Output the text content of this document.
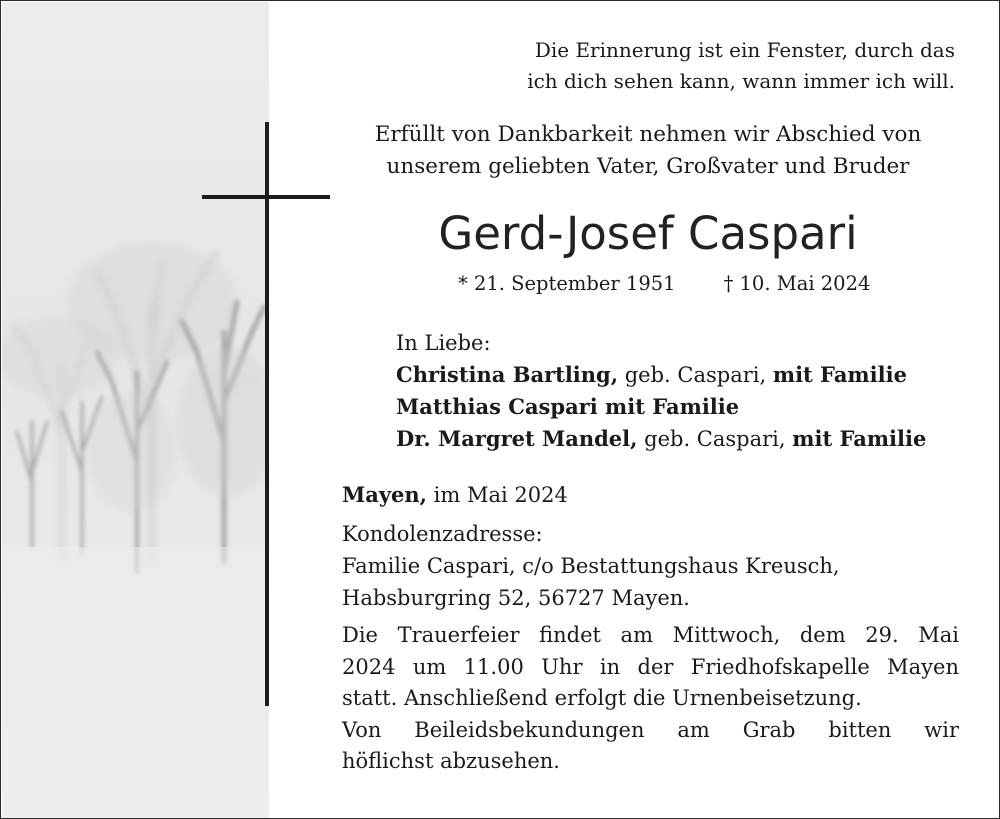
Die Erinnerung ist ein Fenster, durch das
ich dich sehen kann, wann immer ich will.
Erfüllt von Dankbarkeit nehmen wir Abschied von
unserem geliebten Vater, Großvater und Bruder
Gerd-Josef Caspari
* 21. September 1951 † 10. Mai 2024
In Liebe:
Christina Bartling, geb. Caspari, mit Familie
Matthias Caspari mit Familie
Dr. Margret Mandel, geb. Caspari, mit Familie
Mayen, im Mai 2024
Kondolenzadresse:
Familie Caspari, c/o Bestattungshaus Kreusch,
Habsburgring 52, 56727 Mayen.
Die Trauerfeier findet am Mittwoch, dem 29. Mai
2024 um 11.00 Uhr in der Friedhofskapelle Mayen
statt. Anschließend erfolgt die Urnenbeisetzung.
Von Beileidsbekundungen am Grab bitten wir
höflichst abzusehen.
